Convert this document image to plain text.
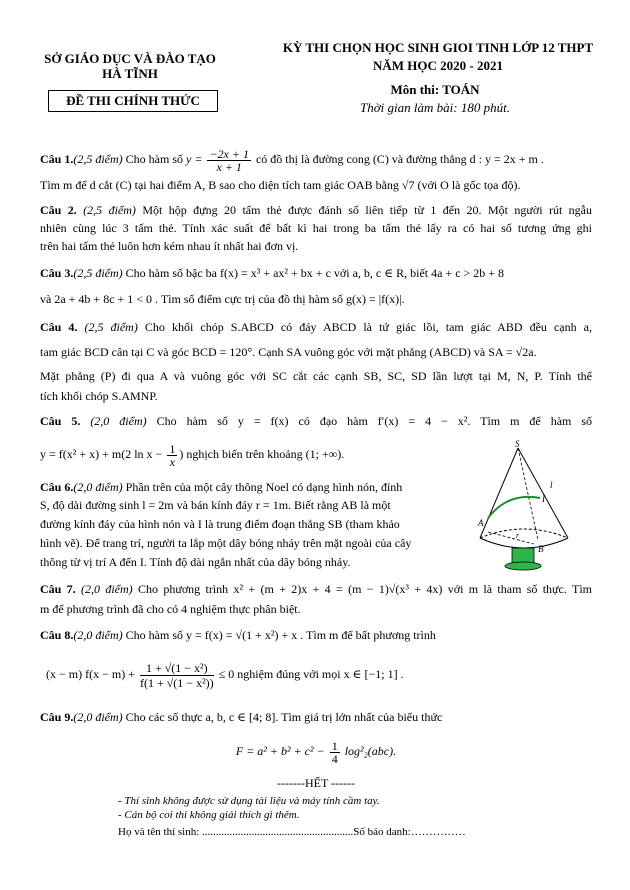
SỞ GIÁO DỤC VÀ ĐÀO TẠO
HÀ TĨNH
ĐỀ THI CHÍNH THỨC
KỲ THI CHỌN HỌC SINH GIOI TINH LỚP 12 THPT
NĂM HỌC 2020 - 2021
Môn thi: TOÁN
Thời gian làm bài: 180 phút.
Câu 1.(2,5 điểm) Cho hàm số $y = \frac{-2x + 1}{x + 1}$ có đồ thị là đường cong (C) và đường thẳng d : y = 2x + m .
Tìm m để d cắt (C) tại hai điểm A, B sao cho diện tích tam giác OAB bằng √7 (với O là gốc tọa độ).
Câu 2. (2,5 điểm) Một hộp đựng 20 tấm thẻ được đánh số liên tiếp từ 1 đến 20. Một người rút ngẫu
nhiên cùng lúc 3 tấm thẻ. Tính xác suất để bất kì hai trong ba tấm thẻ lấy ra có hai số tương ứng ghi
trên hai tấm thẻ luôn hơn kém nhau ít nhất hai đơn vị.
Câu 3.(2,5 điểm) Cho hàm số bậc ba f(x) = x³ + ax² + bx + c với a, b, c ∈ R, biết 4a + c > 2b + 8
và 2a + 4b + 8c + 1 < 0 . Tìm số điểm cực trị của đồ thị hàm số g(x) = |f(x)|.
Câu 4. (2,5 điểm) Cho khối chóp S.ABCD có đáy ABCD là tứ giác lồi, tam giác ABD đều cạnh a,
tam giác BCD cân tại C và góc BCD = 120°. Cạnh SA vuông góc với mặt phẳng (ABCD) và SA = √2a.
Mặt phẳng (P) đi qua A và vuông góc với SC cắt các cạnh SB, SC, SD lần lượt tại M, N, P. Tính thể
tích khối chóp S.AMNP.
Câu 5. (2,0 điểm) Cho hàm số y = f(x) có đạo hàm f′(x) = 4 − x². Tìm m để hàm số
y = f(x² + x) + m(2 $\ln x - \frac{1}{x}$ ) nghịch biến trên khoảng (1; +∞).
Câu 6.(2,0 điểm) Phần trên của một cây thông Noel có dạng hình nón, đỉnh
S, độ dài đường sinh l = 2m và bán kính đáy r = 1m. Biết rằng AB là một
đường kính đáy của hình nón và I là trung điểm đoạn thẳng SB (tham khảo
hình vẽ). Để trang trí, người ta lắp một dây bóng nháy trên mặt ngoài của cây
thông từ vị trí A đến I. Tính độ dài ngắn nhất của dây bóng nháy.
S
A
B
I
l
r
Câu 7. (2,0 điểm) Cho phương trình x² + (m + 2)x + 4 = (m − 1)√(x³ + 4x) với m là tham số thực. Tìm
m để phương trình đã cho có 4 nghiệm thực phân biệt.
Câu 8.(2,0 điểm) Cho hàm số y = f(x) = √(1 + x²) + x . Tìm m để bất phương trình
(x − m) $f(x - m) + \frac{\text{1 + √(1 − x²)}}{\text{f(1 + √(1 − x²))}} \le 0$ nghiệm đúng với mọi x ∈ [−1; 1] .
Câu 9.(2,0 điểm) Cho các số thực a, b, c ∈ [4; 8]. Tìm giá trị lớn nhất của biểu thức
$F = a^2 + b^2 + c^2 - \frac{1}{4} \log^2_2(abc)$.
-------HẾT ------
- Thí sinh không được sử dụng tài liệu và máy tính cầm tay.
- Cán bộ coi thi không giải thích gì thêm.
Họ và tên thí sinh: .......................................................Số báo danh:……………
